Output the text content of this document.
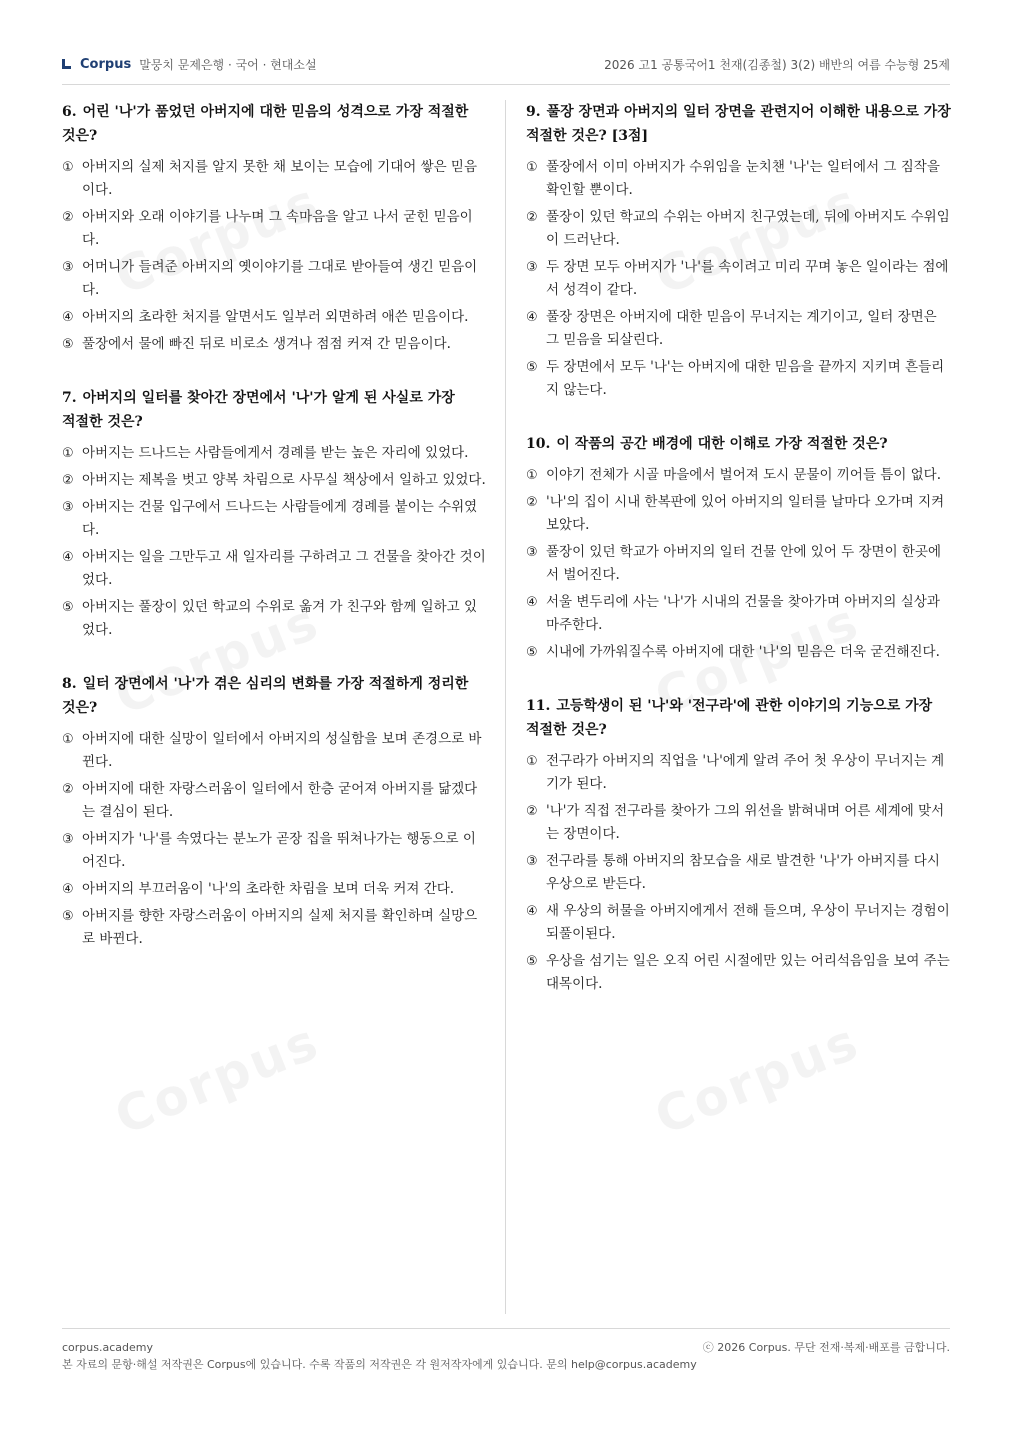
Corpus 말뭉치 문제은행 · 국어 · 현대소설	2026 고1 공통국어1 천재(김종철) 3(2) 배반의 여름 수능형 25제

6. 어린 '나'가 품었던 아버지에 대한 믿음의 성격으로 가장 적절한 것은?

① 아버지의 실제 처지를 알지 못한 채 보이는 모습에 기대어 쌓은 믿음이다.
② 아버지와 오래 이야기를 나누며 그 속마음을 알고 나서 굳힌 믿음이다.
③ 어머니가 들려준 아버지의 옛이야기를 그대로 받아들여 생긴 믿음이다.
④ 아버지의 초라한 처지를 알면서도 일부러 외면하려 애쓴 믿음이다.
⑤ 풀장에서 물에 빠진 뒤로 비로소 생겨나 점점 커져 간 믿음이다.

7. 아버지의 일터를 찾아간 장면에서 '나'가 알게 된 사실로 가장 적절한 것은?

① 아버지는 드나드는 사람들에게서 경례를 받는 높은 자리에 있었다.
② 아버지는 제복을 벗고 양복 차림으로 사무실 책상에서 일하고 있었다.
③ 아버지는 건물 입구에서 드나드는 사람들에게 경례를 붙이는 수위였다.
④ 아버지는 일을 그만두고 새 일자리를 구하려고 그 건물을 찾아간 것이었다.
⑤ 아버지는 풀장이 있던 학교의 수위로 옮겨 가 친구와 함께 일하고 있었다.

8. 일터 장면에서 '나'가 겪은 심리의 변화를 가장 적절하게 정리한 것은?

① 아버지에 대한 실망이 일터에서 아버지의 성실함을 보며 존경으로 바뀐다.
② 아버지에 대한 자랑스러움이 일터에서 한층 굳어져 아버지를 닮겠다는 결심이 된다.
③ 아버지가 '나'를 속였다는 분노가 곧장 집을 뛰쳐나가는 행동으로 이어진다.
④ 아버지의 부끄러움이 '나'의 초라한 차림을 보며 더욱 커져 간다.
⑤ 아버지를 향한 자랑스러움이 아버지의 실제 처지를 확인하며 실망으로 바뀐다.

9. 풀장 장면과 아버지의 일터 장면을 관련지어 이해한 내용으로 가장 적절한 것은? [3점]

① 풀장에서 이미 아버지가 수위임을 눈치챈 '나'는 일터에서 그 짐작을 확인할 뿐이다.
② 풀장이 있던 학교의 수위는 아버지 친구였는데, 뒤에 아버지도 수위임이 드러난다.
③ 두 장면 모두 아버지가 '나'를 속이려고 미리 꾸며 놓은 일이라는 점에서 성격이 같다.
④ 풀장 장면은 아버지에 대한 믿음이 무너지는 계기이고, 일터 장면은 그 믿음을 되살린다.
⑤ 두 장면에서 모두 '나'는 아버지에 대한 믿음을 끝까지 지키며 흔들리지 않는다.

10. 이 작품의 공간 배경에 대한 이해로 가장 적절한 것은?

① 이야기 전체가 시골 마을에서 벌어져 도시 문물이 끼어들 틈이 없다.
② '나'의 집이 시내 한복판에 있어 아버지의 일터를 날마다 오가며 지켜보았다.
③ 풀장이 있던 학교가 아버지의 일터 건물 안에 있어 두 장면이 한곳에서 벌어진다.
④ 서울 변두리에 사는 '나'가 시내의 건물을 찾아가며 아버지의 실상과 마주한다.
⑤ 시내에 가까워질수록 아버지에 대한 '나'의 믿음은 더욱 굳건해진다.

11. 고등학생이 된 '나'와 '전구라'에 관한 이야기의 기능으로 가장 적절한 것은?

① 전구라가 아버지의 직업을 '나'에게 알려 주어 첫 우상이 무너지는 계기가 된다.
② '나'가 직접 전구라를 찾아가 그의 위선을 밝혀내며 어른 세계에 맞서는 장면이다.
③ 전구라를 통해 아버지의 참모습을 새로 발견한 '나'가 아버지를 다시 우상으로 받든다.
④ 새 우상의 허물을 아버지에게서 전해 들으며, 우상이 무너지는 경험이 되풀이된다.
⑤ 우상을 섬기는 일은 오직 어린 시절에만 있는 어리석음임을 보여 주는 대목이다.
corpus.academy	ⓒ 2026 Corpus. 무단 전재·복제·배포를 금합니다.
본 자료의 문항·해설 저작권은 Corpus에 있습니다. 수록 작품의 저작권은 각 원저작자에게 있습니다. 문의 help@corpus.academy
